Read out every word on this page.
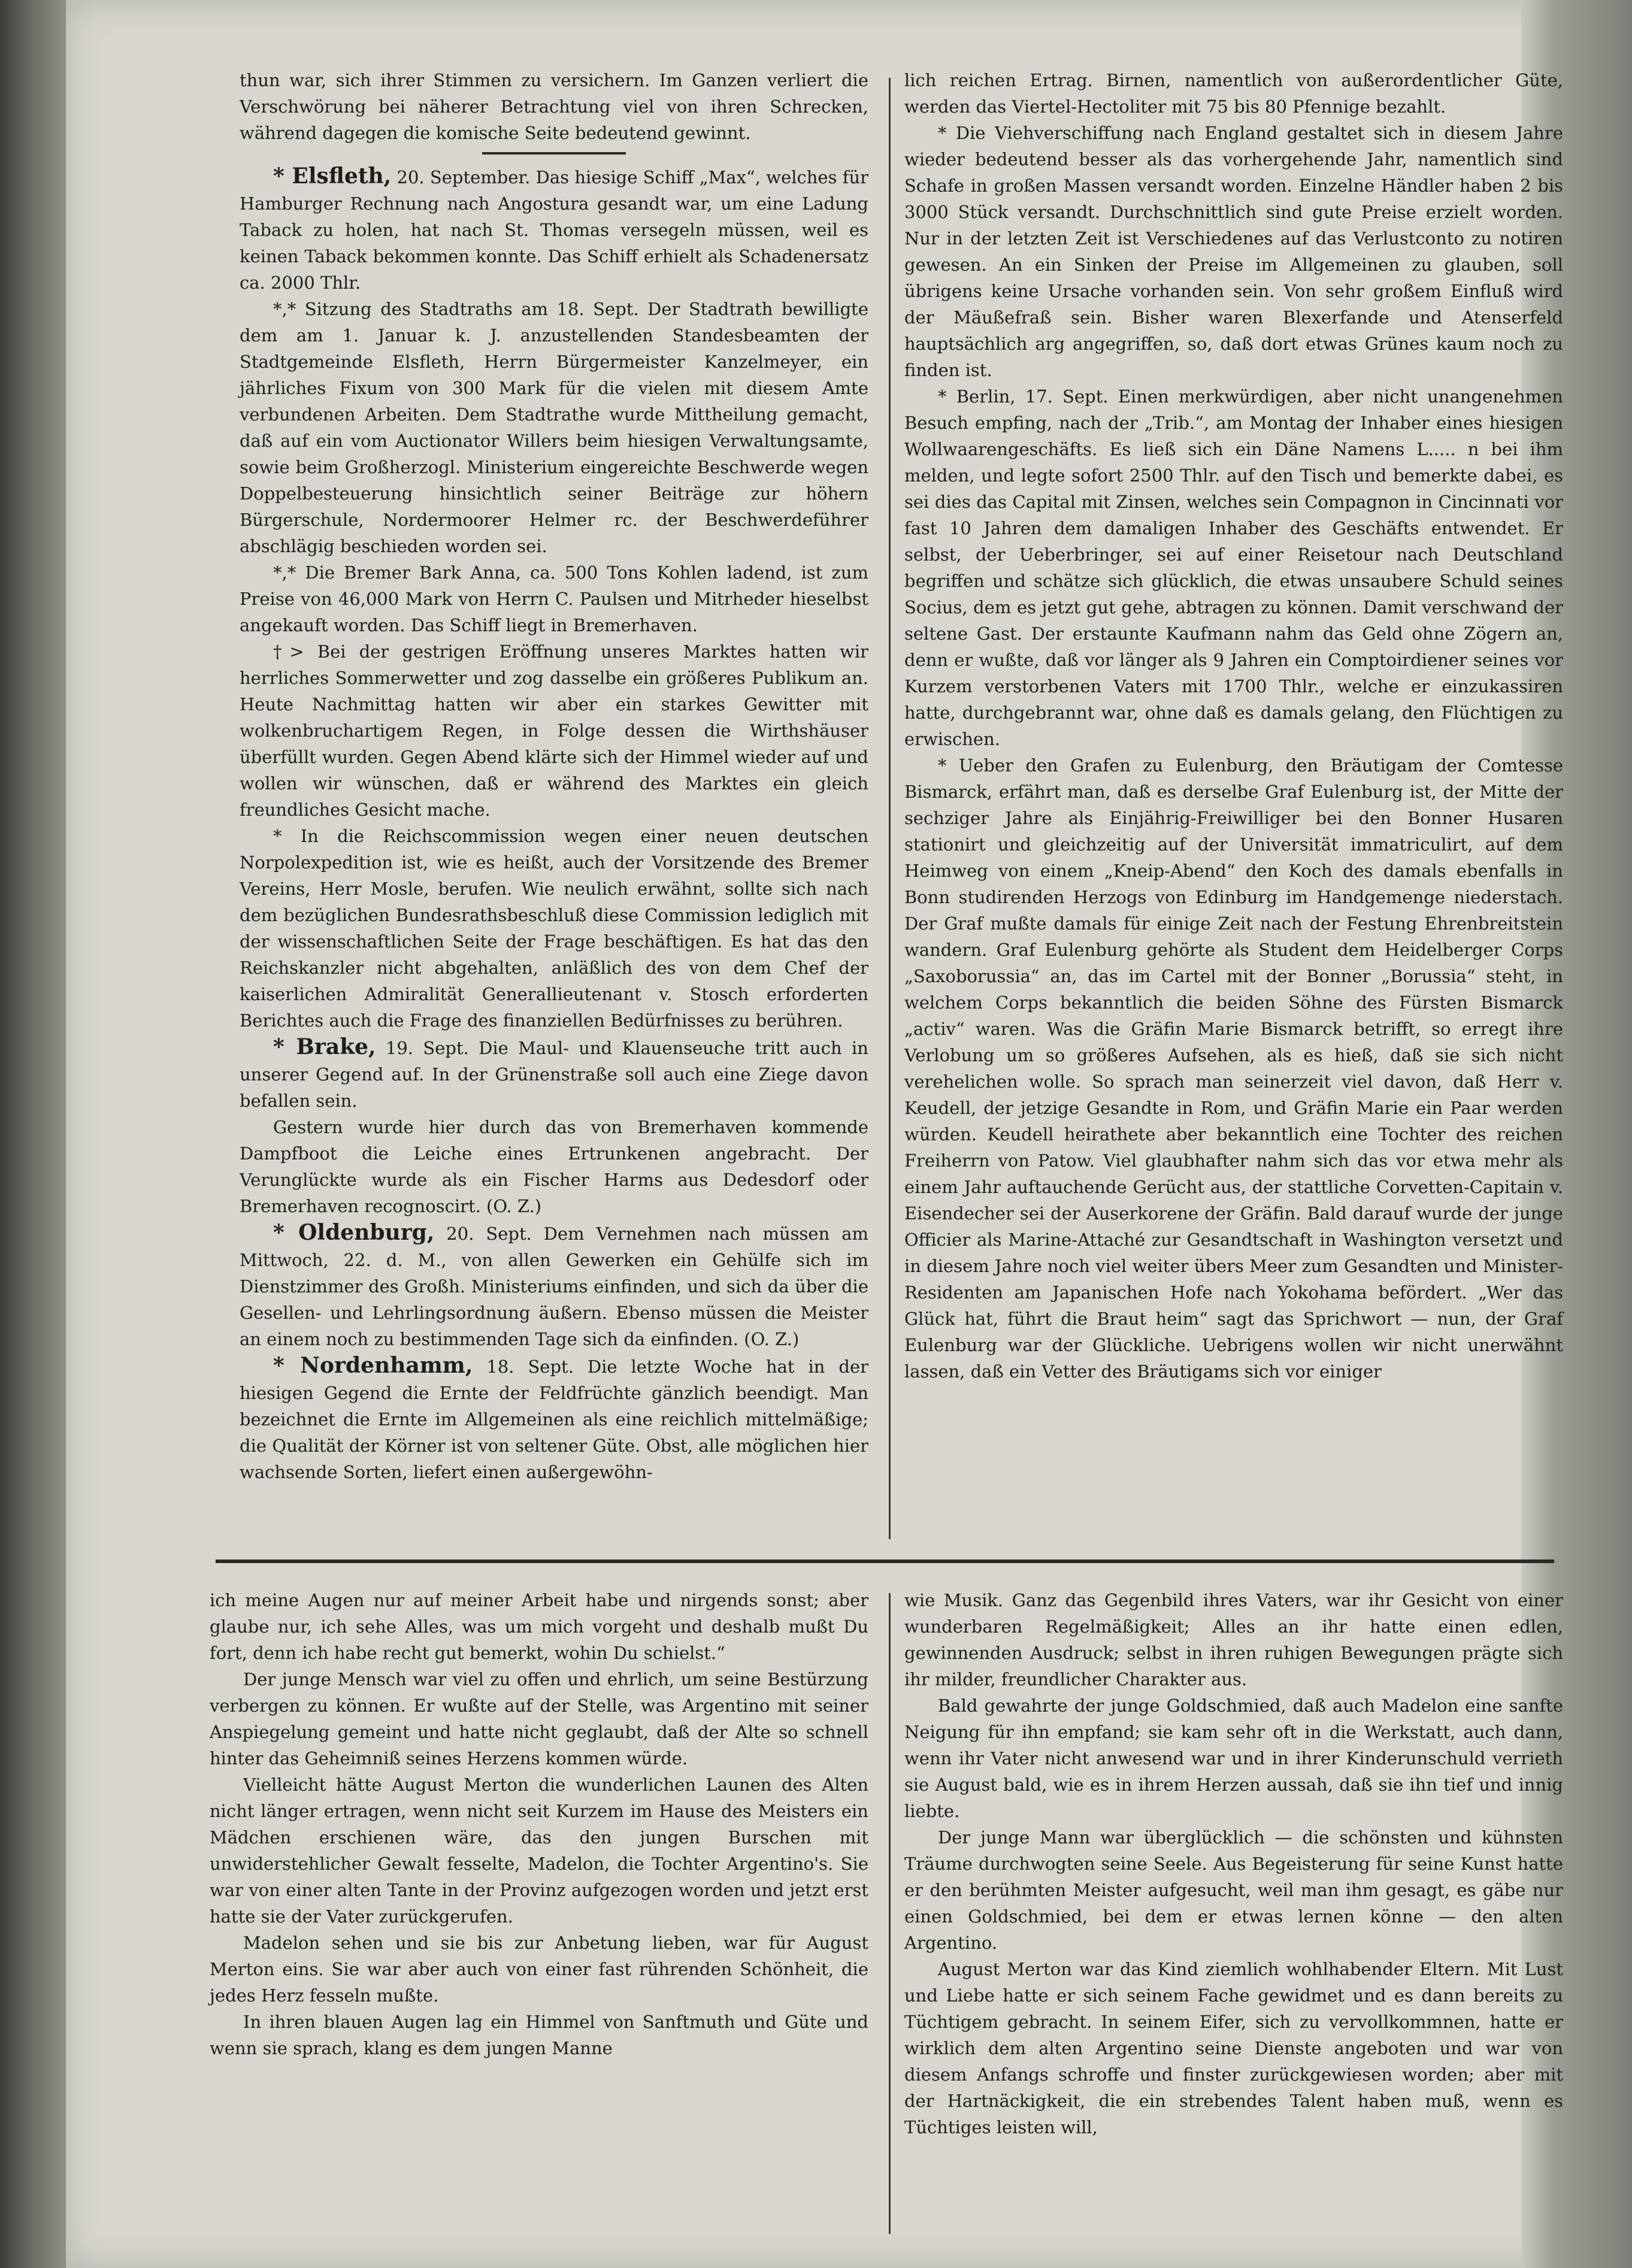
thun war, sich ihrer Stimmen zu versichern. Im Ganzen verliert die Verschwörung bei näherer Betrachtung viel von ihren Schrecken, während dagegen die komische Seite bedeutend gewinnt.

* Elsfleth, 20. September. Das hiesige Schiff „Max“, welches für Hamburger Rechnung nach Angostura gesandt war, um eine Ladung Taback zu holen, hat nach St. Thomas versegeln müssen, weil es keinen Taback bekommen konnte. Das Schiff erhielt als Schadenersatz ca. 2000 Thlr.

*,* Sitzung des Stadtraths am 18. Sept. Der Stadtrath bewilligte dem am 1. Januar k. J. anzustellenden Standesbeamten der Stadtgemeinde Elsfleth, Herrn Bürgermeister Kanzelmeyer, ein jährliches Fixum von 300 Mark für die vielen mit diesem Amte verbundenen Arbeiten. Dem Stadtrathe wurde Mittheilung gemacht, daß auf ein vom Auctionator Willers beim hiesigen Verwaltungsamte, sowie beim Großherzogl. Ministerium eingereichte Beschwerde wegen Doppelbesteuerung hinsichtlich seiner Beiträge zur höhern Bürgerschule, Nordermoorer Helmer rc. der Beschwerdeführer abschlägig beschieden worden sei.

*,* Die Bremer Bark Anna, ca. 500 Tons Kohlen ladend, ist zum Preise von 46,000 Mark von Herrn C. Paulsen und Mitrheder hieselbst angekauft worden. Das Schiff liegt in Bremerhaven.

†> Bei der gestrigen Eröffnung unseres Marktes hatten wir herrliches Sommerwetter und zog dasselbe ein größeres Publikum an. Heute Nachmittag hatten wir aber ein starkes Gewitter mit wolkenbruchartigem Regen, in Folge dessen die Wirthshäuser überfüllt wurden. Gegen Abend klärte sich der Himmel wieder auf und wollen wir wünschen, daß er während des Marktes ein gleich freundliches Gesicht mache.

* In die Reichscommission wegen einer neuen deutschen Norpolexpedition ist, wie es heißt, auch der Vorsitzende des Bremer Vereins, Herr Mosle, berufen. Wie neulich erwähnt, sollte sich nach dem bezüglichen Bundesrathsbeschluß diese Commission lediglich mit der wissenschaftlichen Seite der Frage beschäftigen. Es hat das den Reichskanzler nicht abgehalten, anläßlich des von dem Chef der kaiserlichen Admiralität Generallieutenant v. Stosch erforderten Berichtes auch die Frage des finanziellen Bedürfnisses zu berühren.

* Brake, 19. Sept. Die Maul- und Klauenseuche tritt auch in unserer Gegend auf. In der Grünenstraße soll auch eine Ziege davon befallen sein.

Gestern wurde hier durch das von Bremerhaven kommende Dampfboot die Leiche eines Ertrunkenen angebracht. Der Verunglückte wurde als ein Fischer Harms aus Dedesdorf oder Bremerhaven recognoscirt. (O. Z.)

* Oldenburg, 20. Sept. Dem Vernehmen nach müssen am Mittwoch, 22. d. M., von allen Gewerken ein Gehülfe sich im Dienstzimmer des Großh. Ministeriums einfinden, und sich da über die Gesellen- und Lehrlingsordnung äußern. Ebenso müssen die Meister an einem noch zu bestimmenden Tage sich da einfinden. (O. Z.)

* Nordenhamm, 18. Sept. Die letzte Woche hat in der hiesigen Gegend die Ernte der Feldfrüchte gänzlich beendigt. Man bezeichnet die Ernte im Allgemeinen als eine reichlich mittelmäßige; die Qualität der Körner ist von seltener Güte. Obst, alle möglichen hier wachsende Sorten, liefert einen außergewöhn-

lich reichen Ertrag. Birnen, namentlich von außerordentlicher Güte, werden das Viertel-Hectoliter mit 75 bis 80 Pfennige bezahlt.

* Die Viehverschiffung nach England gestaltet sich in diesem Jahre wieder bedeutend besser als das vorhergehende Jahr, namentlich sind Schafe in großen Massen versandt worden. Einzelne Händler haben 2 bis 3000 Stück versandt. Durchschnittlich sind gute Preise erzielt worden. Nur in der letzten Zeit ist Verschiedenes auf das Verlustconto zu notiren gewesen. An ein Sinken der Preise im Allgemeinen zu glauben, soll übrigens keine Ursache vorhanden sein. Von sehr großem Einfluß wird der Mäußefraß sein. Bisher waren Blexerfande und Atenserfeld hauptsächlich arg angegriffen, so, daß dort etwas Grünes kaum noch zu finden ist.

* Berlin, 17. Sept. Einen merkwürdigen, aber nicht unangenehmen Besuch empfing, nach der „Trib.“, am Montag der Inhaber eines hiesigen Wollwaarengeschäfts. Es ließ sich ein Däne Namens L..... n bei ihm melden, und legte sofort 2500 Thlr. auf den Tisch und bemerkte dabei, es sei dies das Capital mit Zinsen, welches sein Compagnon in Cincinnati vor fast 10 Jahren dem damaligen Inhaber des Geschäfts entwendet. Er selbst, der Ueberbringer, sei auf einer Reisetour nach Deutschland begriffen und schätze sich glücklich, die etwas unsaubere Schuld seines Socius, dem es jetzt gut gehe, abtragen zu können. Damit verschwand der seltene Gast. Der erstaunte Kaufmann nahm das Geld ohne Zögern an, denn er wußte, daß vor länger als 9 Jahren ein Comptoirdiener seines vor Kurzem verstorbenen Vaters mit 1700 Thlr., welche er einzukassiren hatte, durchgebrannt war, ohne daß es damals gelang, den Flüchtigen zu erwischen.

* Ueber den Grafen zu Eulenburg, den Bräutigam der Comtesse Bismarck, erfährt man, daß es derselbe Graf Eulenburg ist, der Mitte der sechziger Jahre als Einjährig-Freiwilliger bei den Bonner Husaren stationirt und gleichzeitig auf der Universität immatriculirt, auf dem Heimweg von einem „Kneip-Abend“ den Koch des damals ebenfalls in Bonn studirenden Herzogs von Edinburg im Handgemenge niederstach. Der Graf mußte damals für einige Zeit nach der Festung Ehrenbreitstein wandern. Graf Eulenburg gehörte als Student dem Heidelberger Corps „Saxoborussia“ an, das im Cartel mit der Bonner „Borussia“ steht, in welchem Corps bekanntlich die beiden Söhne des Fürsten Bismarck „activ“ waren. Was die Gräfin Marie Bismarck betrifft, so erregt ihre Verlobung um so größeres Aufsehen, als es hieß, daß sie sich nicht verehelichen wolle. So sprach man seinerzeit viel davon, daß Herr v. Keudell, der jetzige Gesandte in Rom, und Gräfin Marie ein Paar werden würden. Keudell heirathete aber bekanntlich eine Tochter des reichen Freiherrn von Patow. Viel glaubhafter nahm sich das vor etwa mehr als einem Jahr auftauchende Gerücht aus, der stattliche Corvetten-Capitain v. Eisendecher sei der Auserkorene der Gräfin. Bald darauf wurde der junge Officier als Marine-Attaché zur Gesandtschaft in Washington versetzt und in diesem Jahre noch viel weiter übers Meer zum Gesandten und Minister-Residenten am Japanischen Hofe nach Yokohama befördert. „Wer das Glück hat, führt die Braut heim“ sagt das Sprichwort — nun, der Graf Eulenburg war der Glückliche. Uebrigens wollen wir nicht unerwähnt lassen, daß ein Vetter des Bräutigams sich vor einiger

ich meine Augen nur auf meiner Arbeit habe und nirgends sonst; aber glaube nur, ich sehe Alles, was um mich vorgeht und deshalb mußt Du fort, denn ich habe recht gut bemerkt, wohin Du schielst.“

Der junge Mensch war viel zu offen und ehrlich, um seine Bestürzung verbergen zu können. Er wußte auf der Stelle, was Argentino mit seiner Anspiegelung gemeint und hatte nicht geglaubt, daß der Alte so schnell hinter das Geheimniß seines Herzens kommen würde.

Vielleicht hätte August Merton die wunderlichen Launen des Alten nicht länger ertragen, wenn nicht seit Kurzem im Hause des Meisters ein Mädchen erschienen wäre, das den jungen Burschen mit unwiderstehlicher Gewalt fesselte, Madelon, die Tochter Argentino's. Sie war von einer alten Tante in der Provinz aufgezogen worden und jetzt erst hatte sie der Vater zurückgerufen.

Madelon sehen und sie bis zur Anbetung lieben, war für August Merton eins. Sie war aber auch von einer fast rührenden Schönheit, die jedes Herz fesseln mußte.

In ihren blauen Augen lag ein Himmel von Sanftmuth und Güte und wenn sie sprach, klang es dem jungen Manne

wie Musik. Ganz das Gegenbild ihres Vaters, war ihr Gesicht von einer wunderbaren Regelmäßigkeit; Alles an ihr hatte einen edlen, gewinnenden Ausdruck; selbst in ihren ruhigen Bewegungen prägte sich ihr milder, freundlicher Charakter aus.

Bald gewahrte der junge Goldschmied, daß auch Madelon eine sanfte Neigung für ihn empfand; sie kam sehr oft in die Werkstatt, auch dann, wenn ihr Vater nicht anwesend war und in ihrer Kinderunschuld verrieth sie August bald, wie es in ihrem Herzen aussah, daß sie ihn tief und innig liebte.

Der junge Mann war überglücklich — die schönsten und kühnsten Träume durchwogten seine Seele. Aus Begeisterung für seine Kunst hatte er den berühmten Meister aufgesucht, weil man ihm gesagt, es gäbe nur einen Goldschmied, bei dem er etwas lernen könne — den alten Argentino.

August Merton war das Kind ziemlich wohlhabender Eltern. Mit Lust und Liebe hatte er sich seinem Fache gewidmet und es dann bereits zu Tüchtigem gebracht. In seinem Eifer, sich zu vervollkommnen, hatte er wirklich dem alten Argentino seine Dienste angeboten und war von diesem Anfangs schroffe und finster zurückgewiesen worden; aber mit der Hartnäckigkeit, die ein strebendes Talent haben muß, wenn es Tüchtiges leisten will,
